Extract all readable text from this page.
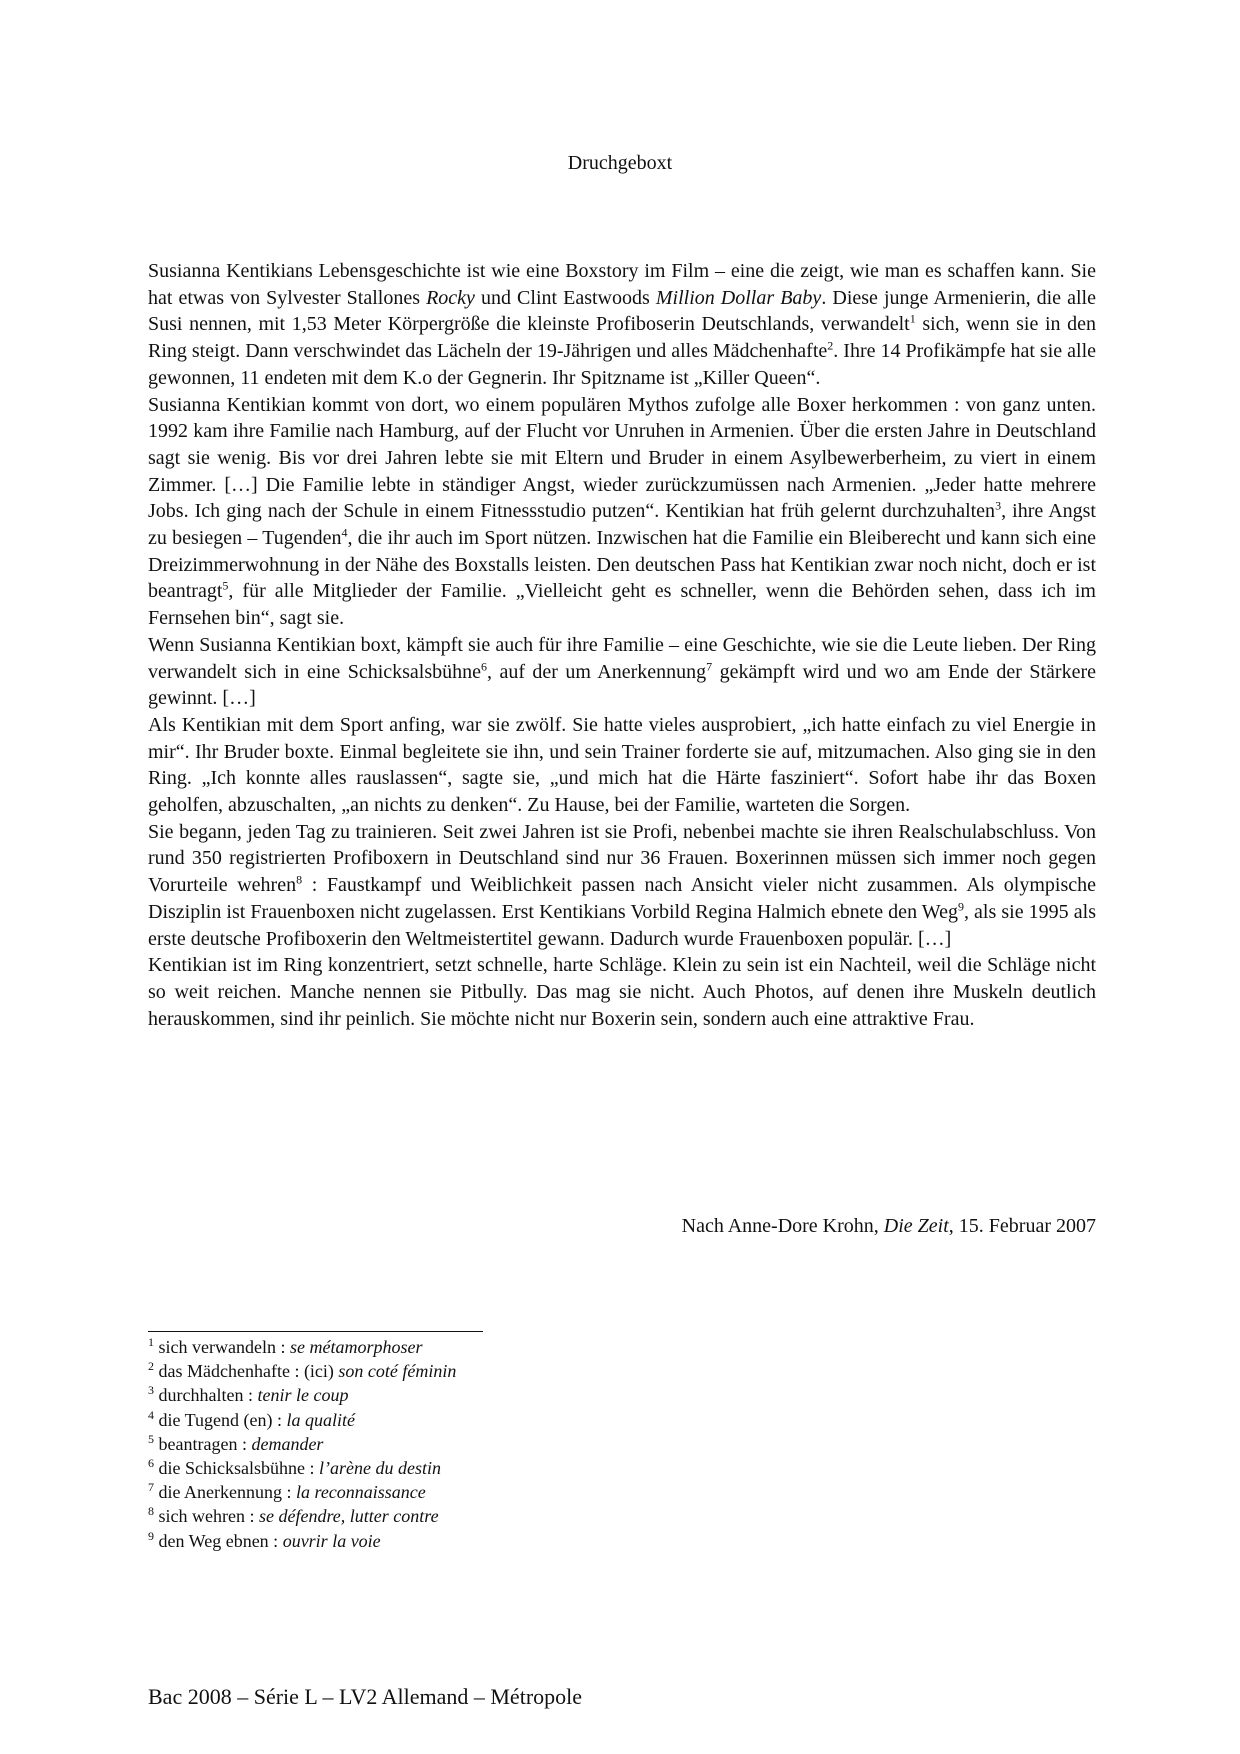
Druchgeboxt

Susianna Kentikians Lebensgeschichte ist wie eine Boxstory im Film – eine die zeigt, wie man es schaffen kann. Sie hat etwas von Sylvester Stallones Rocky und Clint Eastwoods Million Dollar Baby. Diese junge Armenierin, die alle Susi nennen, mit 1,53 Meter Körpergröße die kleinste Profiboserin Deutschlands, verwandelt$^1$ sich, wenn sie in den Ring steigt. Dann verschwindet das Lächeln der 19-Jährigen und alles Mädchenhafte$^2$. Ihre 14 Profikämpfe hat sie alle gewonnen, 11 endeten mit dem K.o der Gegnerin. Ihr Spitzname ist „Killer Queen“.

Susianna Kentikian kommt von dort, wo einem populären Mythos zufolge alle Boxer herkommen : von ganz unten. 1992 kam ihre Familie nach Hamburg, auf der Flucht vor Unruhen in Armenien. Über die ersten Jahre in Deutschland sagt sie wenig. Bis vor drei Jahren lebte sie mit Eltern und Bruder in einem Asylbewerberheim, zu viert in einem Zimmer. […] Die Familie lebte in ständiger Angst, wieder zurückzumüssen nach Armenien. „Jeder hatte mehrere Jobs. Ich ging nach der Schule in einem Fitnessstudio putzen“. Kentikian hat früh gelernt durchzuhalten$^3$, ihre Angst zu besiegen – Tugenden$^4$, die ihr auch im Sport nützen. Inzwischen hat die Familie ein Bleiberecht und kann sich eine Dreizimmerwohnung in der Nähe des Boxstalls leisten. Den deutschen Pass hat Kentikian zwar noch nicht, doch er ist beantragt$^5$, für alle Mitglieder der Familie. „Vielleicht geht es schneller, wenn die Behörden sehen, dass ich im Fernsehen bin“, sagt sie.

Wenn Susianna Kentikian boxt, kämpft sie auch für ihre Familie – eine Geschichte, wie sie die Leute lieben. Der Ring verwandelt sich in eine Schicksalsbühne$^6$, auf der um Anerkennung$^7$ gekämpft wird und wo am Ende der Stärkere gewinnt. […]

Als Kentikian mit dem Sport anfing, war sie zwölf. Sie hatte vieles ausprobiert, „ich hatte einfach zu viel Energie in mir“. Ihr Bruder boxte. Einmal begleitete sie ihn, und sein Trainer forderte sie auf, mitzumachen. Also ging sie in den Ring. „Ich konnte alles rauslassen“, sagte sie, „und mich hat die Härte fasziniert“. Sofort habe ihr das Boxen geholfen, abzuschalten, „an nichts zu denken“. Zu Hause, bei der Familie, warteten die Sorgen.

Sie begann, jeden Tag zu trainieren. Seit zwei Jahren ist sie Profi, nebenbei machte sie ihren Realschulabschluss. Von rund 350 registrierten Profiboxern in Deutschland sind nur 36 Frauen. Boxerinnen müssen sich immer noch gegen Vorurteile wehren$^8$ : Faustkampf und Weiblichkeit passen nach Ansicht vieler nicht zusammen. Als olympische Disziplin ist Frauenboxen nicht zugelassen. Erst Kentikians Vorbild Regina Halmich ebnete den Weg$^9$, als sie 1995 als erste deutsche Profiboxerin den Weltmeistertitel gewann. Dadurch wurde Frauenboxen populär. […]

Kentikian ist im Ring konzentriert, setzt schnelle, harte Schläge. Klein zu sein ist ein Nachteil, weil die Schläge nicht so weit reichen. Manche nennen sie Pitbully. Das mag sie nicht. Auch Photos, auf denen ihre Muskeln deutlich herauskommen, sind ihr peinlich. Sie möchte nicht nur Boxerin sein, sondern auch eine attraktive Frau.

Nach Anne-Dore Krohn, Die Zeit, 15. Februar 2007
$^1$ sich verwandeln : se métamorphoser
$^2$ das Mädchenhafte : (ici) son coté féminin
$^3$ durchhalten : tenir le coup
$^4$ die Tugend (en) : la qualité
$^5$ beantragen : demander
$^6$ die Schicksalsbühne : l’arène du destin
$^7$ die Anerkennung : la reconnaissance
$^8$ sich wehren : se défendre, lutter contre
$^9$ den Weg ebnen : ouvrir la voie
Bac 2008 – Série L – LV2 Allemand – Métropole
